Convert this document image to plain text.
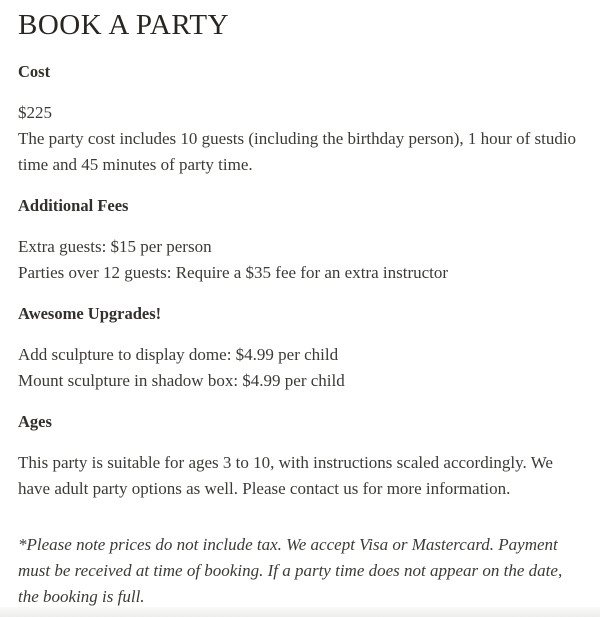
BOOK A PARTY
Cost

$225
The party cost includes 10 guests (including the birthday person), 1 hour of studio time and 45 minutes of party time.

Additional Fees

Extra guests: $15 per person
Parties over 12 guests: Require a $35 fee for an extra instructor

Awesome Upgrades!

Add sculpture to display dome: $4.99 per child
Mount sculpture in shadow box: $4.99 per child

Ages

This party is suitable for ages 3 to 10, with instructions scaled accordingly. We have adult party options as well. Please contact us for more information.

*Please note prices do not include tax. We accept Visa or Mastercard. Payment must be received at time of booking. If a party time does not appear on the date, the booking is full.
